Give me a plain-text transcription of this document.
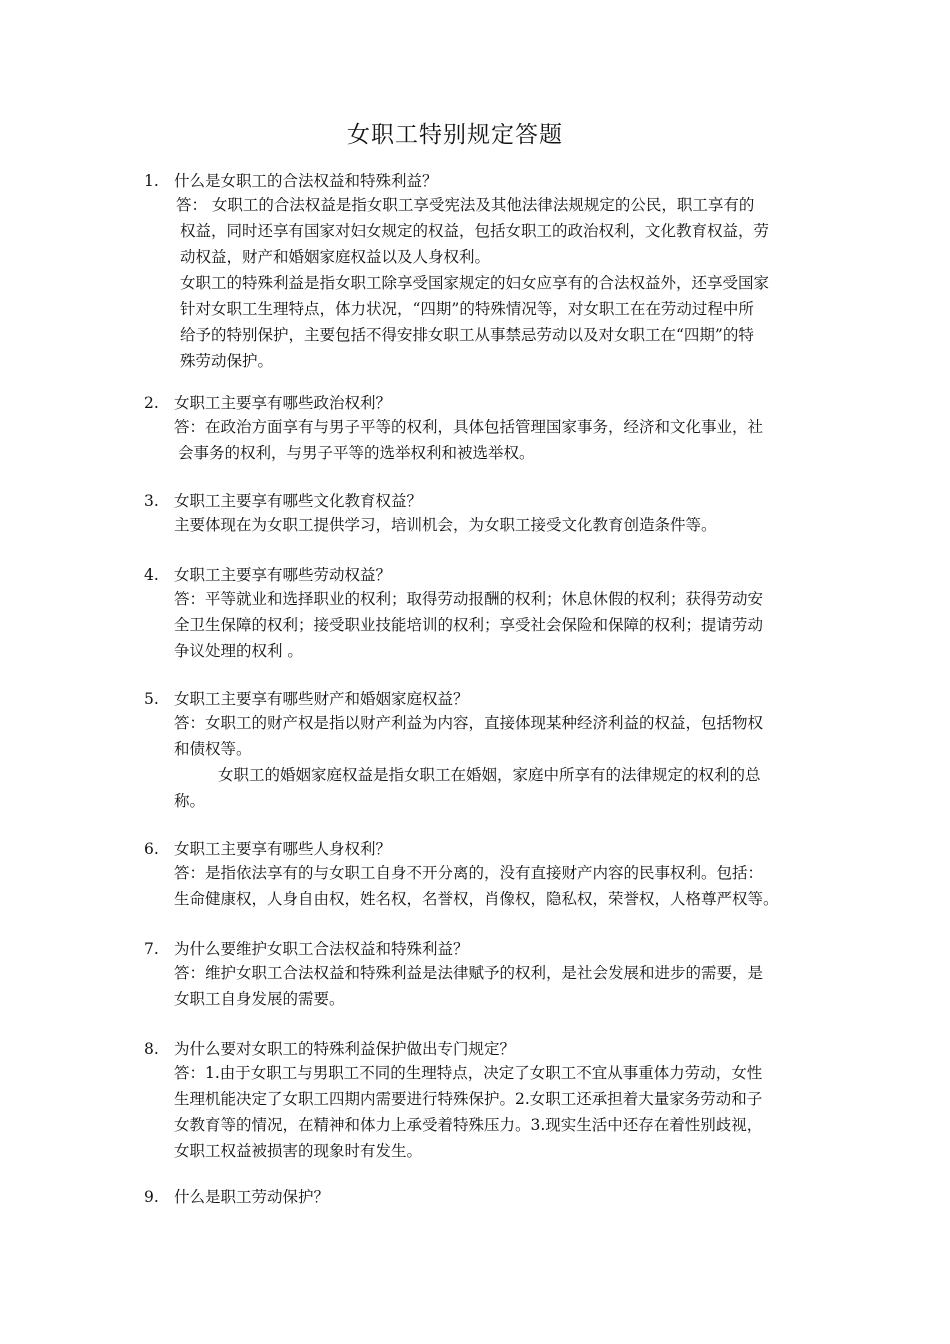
女职工特别规定答题
1. 什么是女职工的合法权益和特殊利益？
答： 女职工的合法权益是指女职工享受宪法及其他法律法规规定的公民，职工享有的
权益，同时还享有国家对妇女规定的权益，包括女职工的政治权利，文化教育权益，劳
动权益，财产和婚姻家庭权益以及人身权利。
女职工的特殊利益是指女职工除享受国家规定的妇女应享有的合法权益外，还享受国家
针对女职工生理特点，体力状况，“四期”的特殊情况等，对女职工在在劳动过程中所
给予的特别保护，主要包括不得安排女职工从事禁忌劳动以及对女职工在“四期”的特
殊劳动保护。
2. 女职工主要享有哪些政治权利？
答：在政治方面享有与男子平等的权利，具体包括管理国家事务，经济和文化事业，社
会事务的权利，与男子平等的选举权利和被选举权。
3. 女职工主要享有哪些文化教育权益？
主要体现在为女职工提供学习，培训机会，为女职工接受文化教育创造条件等。
4. 女职工主要享有哪些劳动权益？
答：平等就业和选择职业的权利；取得劳动报酬的权利；休息休假的权利；获得劳动安
全卫生保障的权利；接受职业技能培训的权利；享受社会保险和保障的权利；提请劳动
争议处理的权利 。
5. 女职工主要享有哪些财产和婚姻家庭权益？
答：女职工的财产权是指以财产利益为内容，直接体现某种经济利益的权益，包括物权
和债权等。
女职工的婚姻家庭权益是指女职工在婚姻，家庭中所享有的法律规定的权利的总
称。
6. 女职工主要享有哪些人身权利？
答：是指依法享有的与女职工自身不开分离的，没有直接财产内容的民事权利。包括：
生命健康权，人身自由权，姓名权，名誉权，肖像权，隐私权，荣誉权，人格尊严权等。
7. 为什么要维护女职工合法权益和特殊利益？
答：维护女职工合法权益和特殊利益是法律赋予的权利，是社会发展和进步的需要，是
女职工自身发展的需要。
8. 为什么要对女职工的特殊利益保护做出专门规定？
答：1.由于女职工与男职工不同的生理特点，决定了女职工不宜从事重体力劳动，女性
生理机能决定了女职工四期内需要进行特殊保护。2.女职工还承担着大量家务劳动和子
女教育等的情况，在精神和体力上承受着特殊压力。3.现实生活中还存在着性别歧视，
女职工权益被损害的现象时有发生。
9. 什么是职工劳动保护？
